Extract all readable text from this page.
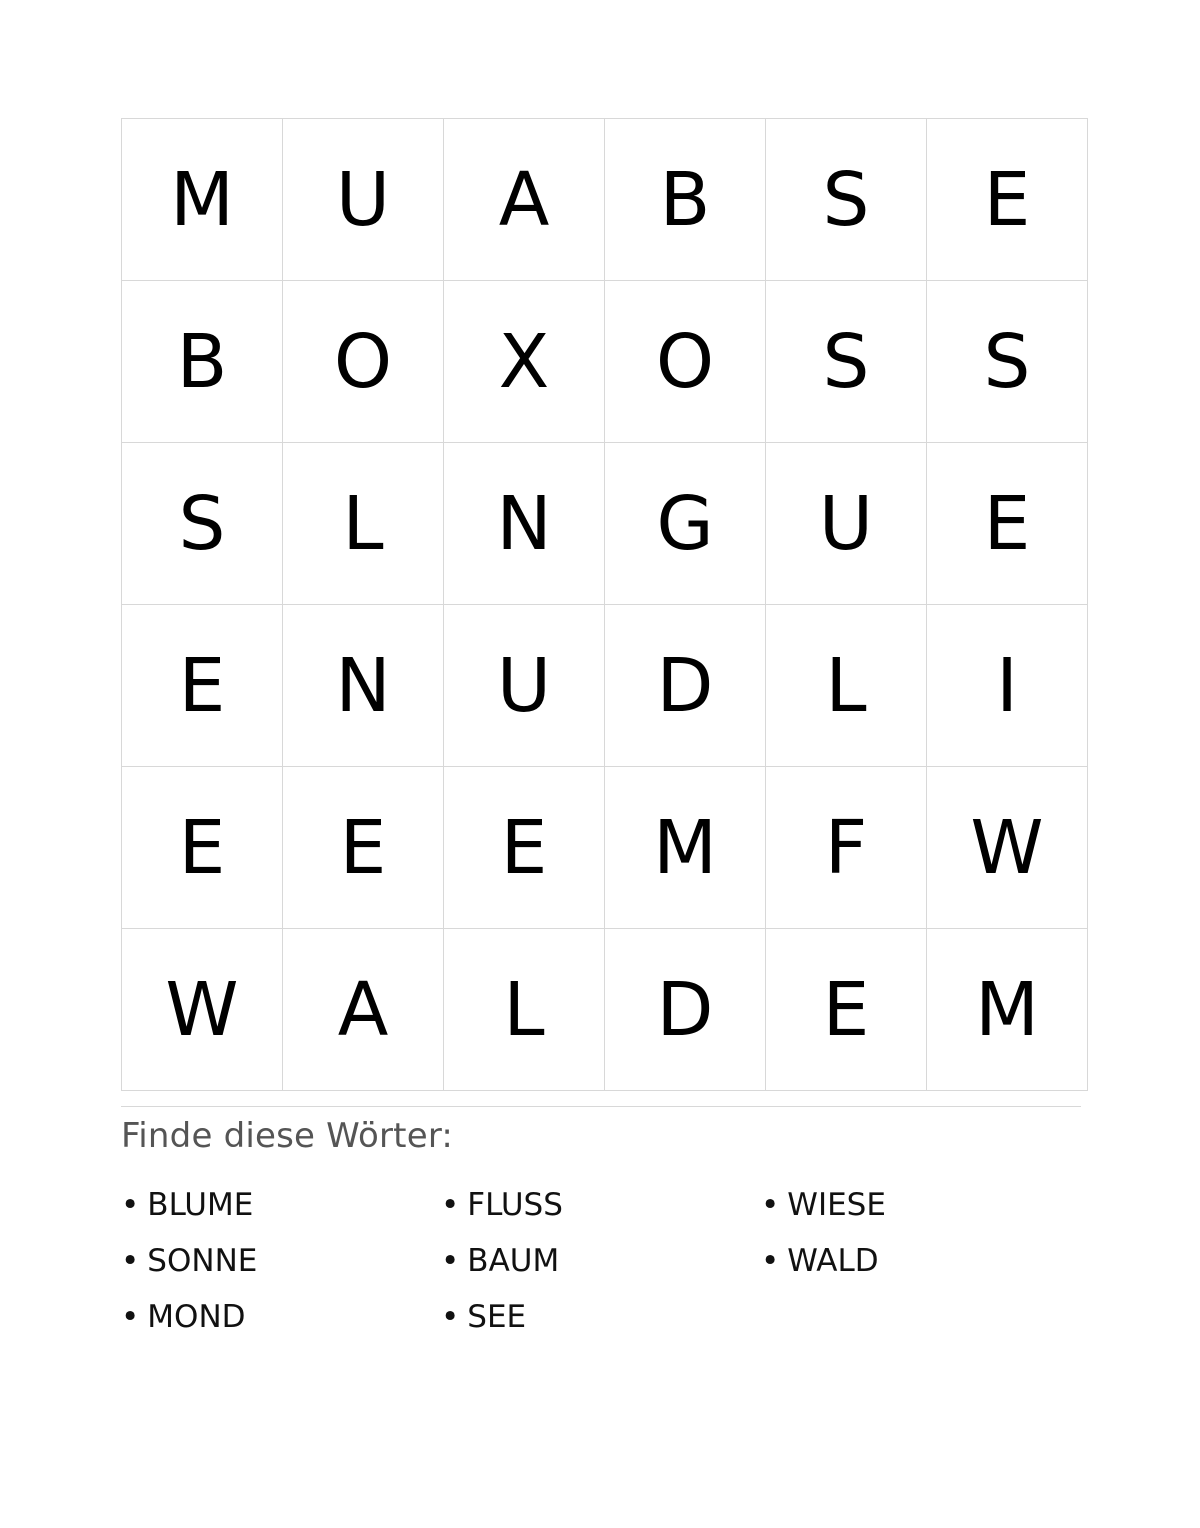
M	U	A	B	S	E
B	O	X	O	S	S
S	L	N	G	U	E
E	N	U	D	L	I
E	E	E	M	F	W
W	A	L	D	E	M
Finde diese Wörter:
• BLUME
• SONNE
• MOND
• FLUSS
• BAUM
• SEE
• WIESE
• WALD
